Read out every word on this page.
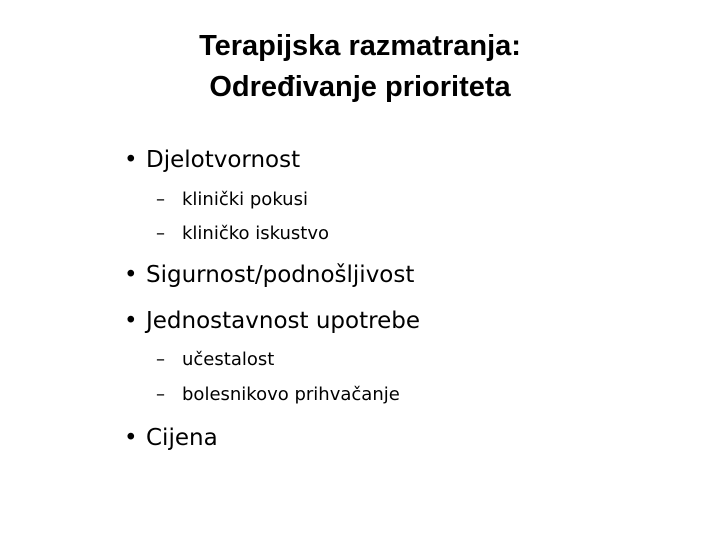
Terapijska razmatranja:
Određivanje prioriteta
• Djelotvornost
– klinički pokusi
– kliničko iskustvo
• Sigurnost/podnošljivost
• Jednostavnost upotrebe
– učestalost
– bolesnikovo prihvačanje
• Cijena
